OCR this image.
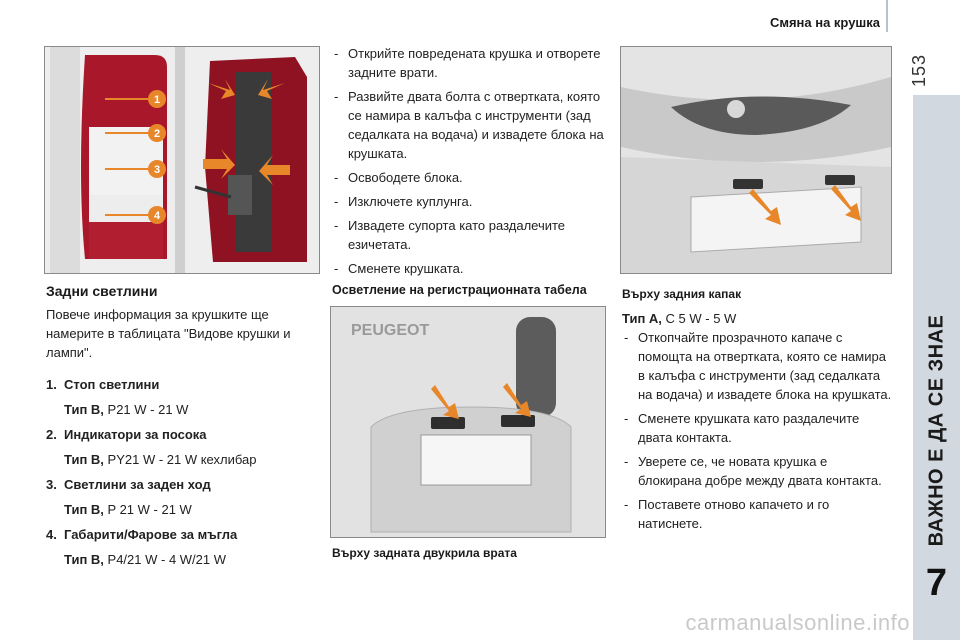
Смяна на крушка
153
ВАЖНО Е ДА СЕ ЗНАЕ
7
1
2
3
4
- Открийте повредената крушка и отворете задните врати.
- Развийте двата болта с отвертката, която се намира в калъфа с инструменти (зад седалката на водача) и извадете блока на крушката.
- Освободете блока.
- Изключете куплунга.
- Извадете супорта като раздалечите езичетата.
- Сменете крушката.
Задни светлини
Повече информация за крушките ще намерите в таблицата "Видове крушки и лампи".
1. Стоп светлини
Тип B, P21 W - 21 W
2. Индикатори за посока
Тип B, PY21 W - 21 W кехлибар
3. Светлини за заден ход
Тип B, P 21 W - 21 W
4. Габарити/Фарове за мъгла
Тип B, P4/21 W - 4 W/21 W
Осветление на регистрационната табела
PEUGEOT
Върху задната двукрила врата
Върху задния капак
Тип A, C 5 W - 5 W
- Откопчайте прозрачното капаче с помощта на отвертката, която се намира в калъфа с инструменти (зад седалката на водача) и извадете блока на крушката.
- Сменете крушката като раздалечите двата контакта.
- Уверете се, че новата крушка е блокирана добре между двата контакта.
- Поставете отново капачето и го натиснете.
carmanualsonline.info
